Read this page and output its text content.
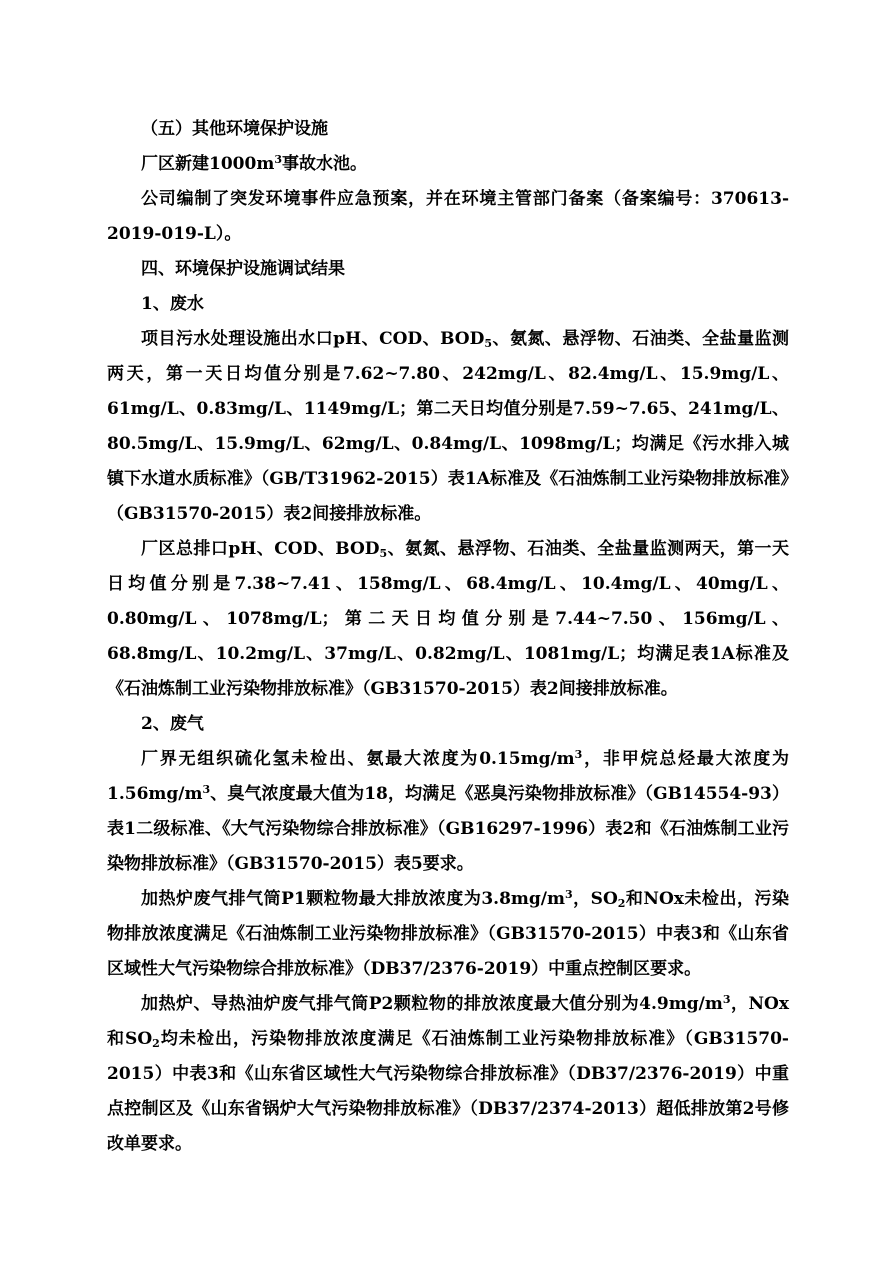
（五）其他环境保护设施

厂区新建$1000m^3$事故水池。

公司编制了突发环境事件应急预案，并在环境主管部门备案（备案编号：370613-2019-019-L）。

四、环境保护设施调试结果

1、废水

项目污水处理设施出水口pH、COD、$BOD_5$、氨氮、悬浮物、石油类、全盐量监测两天，第一天日均值分别是7.62~7.80、242mg/L、82.4mg/L、15.9mg/L、61mg/L、0.83mg/L、1149mg/L；第二天日均值分别是7.59~7.65、241mg/L、80.5mg/L、15.9mg/L、62mg/L、0.84mg/L、1098mg/L；均满足《污水排入城镇下水道水质标准》（GB/T31962-2015）表1A标准及《石油炼制工业污染物排放标准》（GB31570-2015）表2间接排放标准。

厂区总排口pH、COD、$BOD_5$、氨氮、悬浮物、石油类、全盐量监测两天，第一天日均值分别是7.38~7.41、158mg/L、68.4mg/L、10.4mg/L、40mg/L、0.80mg/L、1078mg/L；第二天日均值分别是7.44~7.50、156mg/L、68.8mg/L、10.2mg/L、37mg/L、0.82mg/L、1081mg/L；均满足表1A标准及《石油炼制工业污染物排放标准》（GB31570-2015）表2间接排放标准。

2、废气

厂界无组织硫化氢未检出、氨最大浓度为$0.15mg/m^3$，非甲烷总烃最大浓度为$1.56mg/m^3$、臭气浓度最大值为18，均满足《恶臭污染物排放标准》（GB14554-93）表1二级标准、《大气污染物综合排放标准》（GB16297-1996）表2和《石油炼制工业污染物排放标准》（GB31570-2015）表5要求。

加热炉废气排气筒P1颗粒物最大排放浓度为$3.8mg/m^3$，$SO_2$和NOx未检出，污染物排放浓度满足《石油炼制工业污染物排放标准》（GB31570-2015）中表3和《山东省区域性大气污染物综合排放标准》（DB37/2376-2019）中重点控制区要求。

加热炉、导热油炉废气排气筒P2颗粒物的排放浓度最大值分别为$4.9mg/m^3$，NOx和$SO_2$均未检出，污染物排放浓度满足《石油炼制工业污染物排放标准》（GB31570-2015）中表3和《山东省区域性大气污染物综合排放标准》（DB37/2376-2019）中重点控制区及《山东省锅炉大气污染物排放标准》（DB37/2374-2013）超低排放第2号修改单要求。
